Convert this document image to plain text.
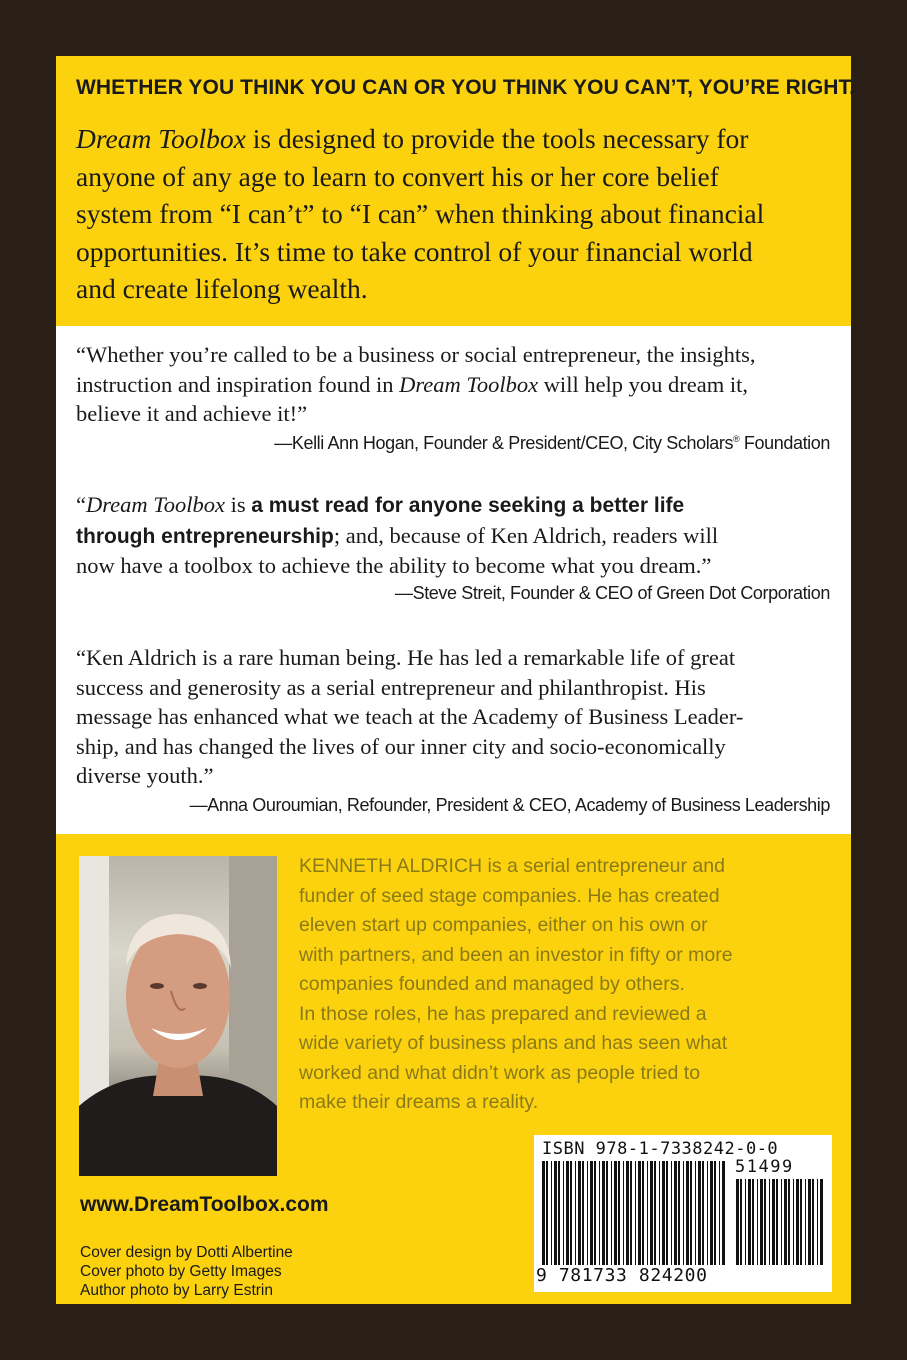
WHETHER YOU THINK YOU CAN OR YOU THINK YOU CAN’T, YOU’RE RIGHT.
Dream Toolbox is designed to provide the tools necessary for
anyone of any age to learn to convert his or her core belief
system from “I can’t” to “I can” when thinking about financial
opportunities. It’s time to take control of your financial world
and create lifelong wealth.
“Whether you’re called to be a business or social entrepreneur, the insights,
instruction and inspiration found in Dream Toolbox will help you dream it,
believe it and achieve it!”
—Kelli Ann Hogan, Founder & President/CEO, City Scholars® Foundation
“Dream Toolbox is a must read for anyone seeking a better life
through entrepreneurship; and, because of Ken Aldrich, readers will
now have a toolbox to achieve the ability to become what you dream.”
—Steve Streit, Founder & CEO of Green Dot Corporation
“Ken Aldrich is a rare human being. He has led a remarkable life of great
success and generosity as a serial entrepreneur and philanthropist. His
message has enhanced what we teach at the Academy of Business Leader-
ship, and has changed the lives of our inner city and socio-economically
diverse youth.”
—Anna Ouroumian, Refounder, President & CEO, Academy of Business Leadership
KENNETH ALDRICH is a serial entrepreneur and
funder of seed stage companies. He has created
eleven start up companies, either on his own or
with partners, and been an investor in fifty or more
companies founded and managed by others.
In those roles, he has prepared and reviewed a
wide variety of business plans and has seen what
worked and what didn’t work as people tried to
make their dreams a reality.
www.DreamToolbox.com
Cover design by Dotti Albertine
Cover photo by Getty Images
Author photo by Larry Estrin
ISBN 978-1-7338242-0-0
51499
9 781733 824200
